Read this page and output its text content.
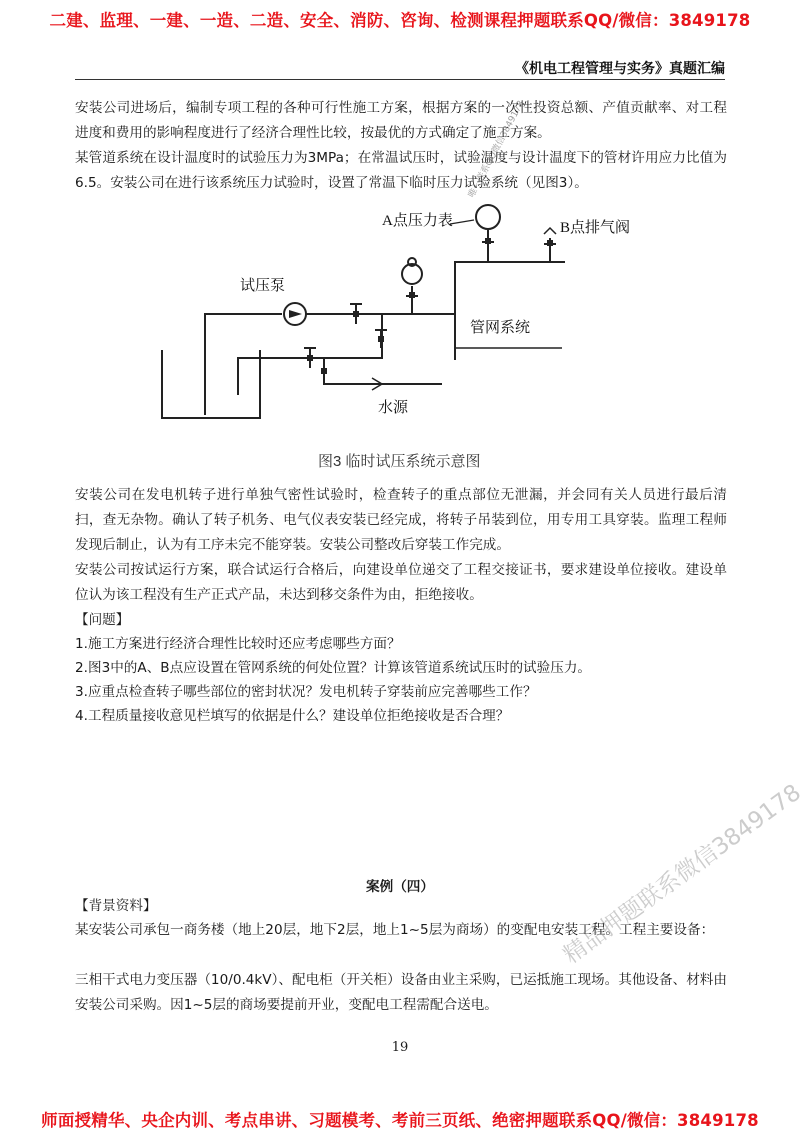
二建、监理、一建、一造、二造、安全、消防、咨询、检测课程押题联系QQ/微信：3849178
《机电工程管理与实务》真题汇编
安装公司进场后，编制专项工程的各种可行性施工方案，根据方案的一次性投资总额、产值贡献率、对工程进度和费用的影响程度进行了经济合理性比较，按最优的方式确定了施工方案。
某管道系统在设计温度时的试验压力为3MPa；在常温试压时，试验温度与设计温度下的管材许用应力比值为6.5。安装公司在进行该系统压力试验时，设置了常温下临时压力试验系统（见图3）。
唯一联系QQ微信3849178
A点压力表	B点排气阀
试压泵
管网系统
水源
图3 临时试压系统示意图
安装公司在发电机转子进行单独气密性试验时，检查转子的重点部位无泄漏，并会同有关人员进行最后清扫，查无杂物。确认了转子机务、电气仪表安装已经完成，将转子吊装到位，用专用工具穿装。监理工程师发现后制止，认为有工序未完不能穿装。安装公司整改后穿装工作完成。
安装公司按试运行方案，联合试运行合格后，向建设单位递交了工程交接证书，要求建设单位接收。建设单位认为该工程没有生产正式产品，未达到移交条件为由，拒绝接收。
【问题】
1.施工方案进行经济合理性比较时还应考虑哪些方面？
2.图3中的A、B点应设置在管网系统的何处位置？计算该管道系统试压时的试验压力。
3.应重点检查转子哪些部位的密封状况？发电机转子穿装前应完善哪些工作？
4.工程质量接收意见栏填写的依据是什么？建设单位拒绝接收是否合理？
案例（四）
【背景资料】
某安装公司承包一商务楼（地上20层，地下2层，地上1~5层为商场）的变配电安装工程。工程主要设备：
三相干式电力变压器（10/0.4kV）、配电柜（开关柜）设备由业主采购，已运抵施工现场。其他设备、材料由安装公司采购。因1~5层的商场要提前开业，变配电工程需配合送电。
精品押题联系微信3849178
19
师面授精华、央企内训、考点串讲、习题模考、考前三页纸、绝密押题联系QQ/微信：3849178
